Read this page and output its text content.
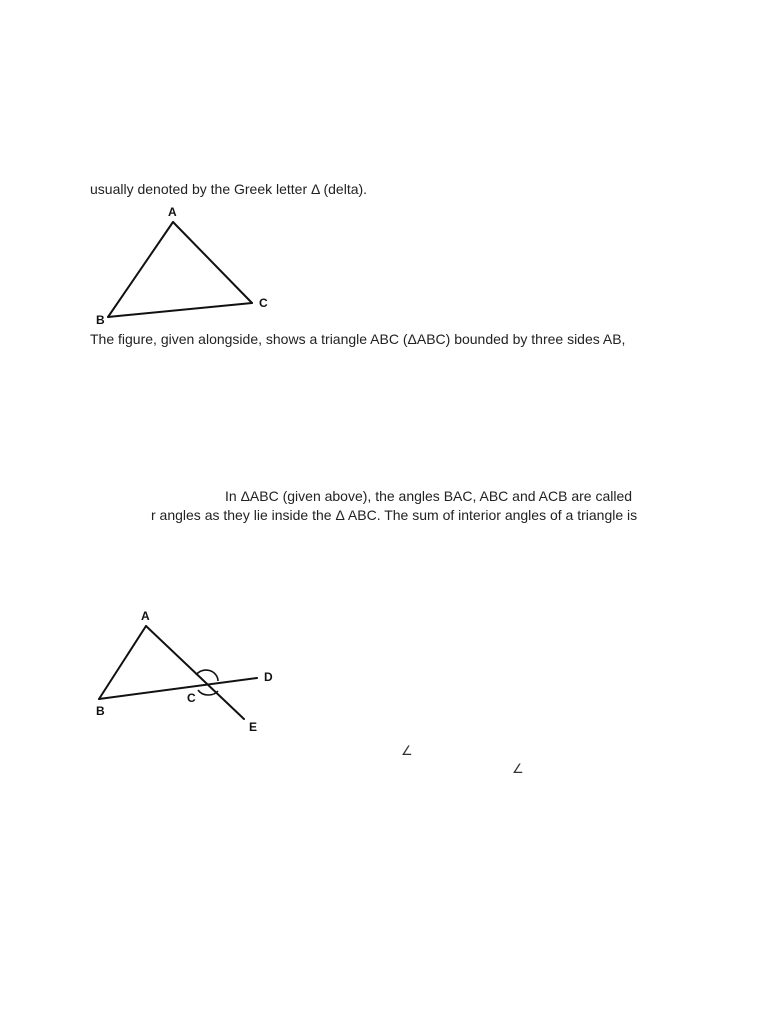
usually denoted by the Greek letter Δ (delta).
A
B
C
The figure, given alongside, shows a triangle ABC (ΔABC) bounded by three sides AB,
In ΔABC (given above), the angles BAC, ABC and ACB are called
r angles as they lie inside the Δ ABC. The sum of interior angles of a triangle is
A
B
C
D
E
∠
∠
